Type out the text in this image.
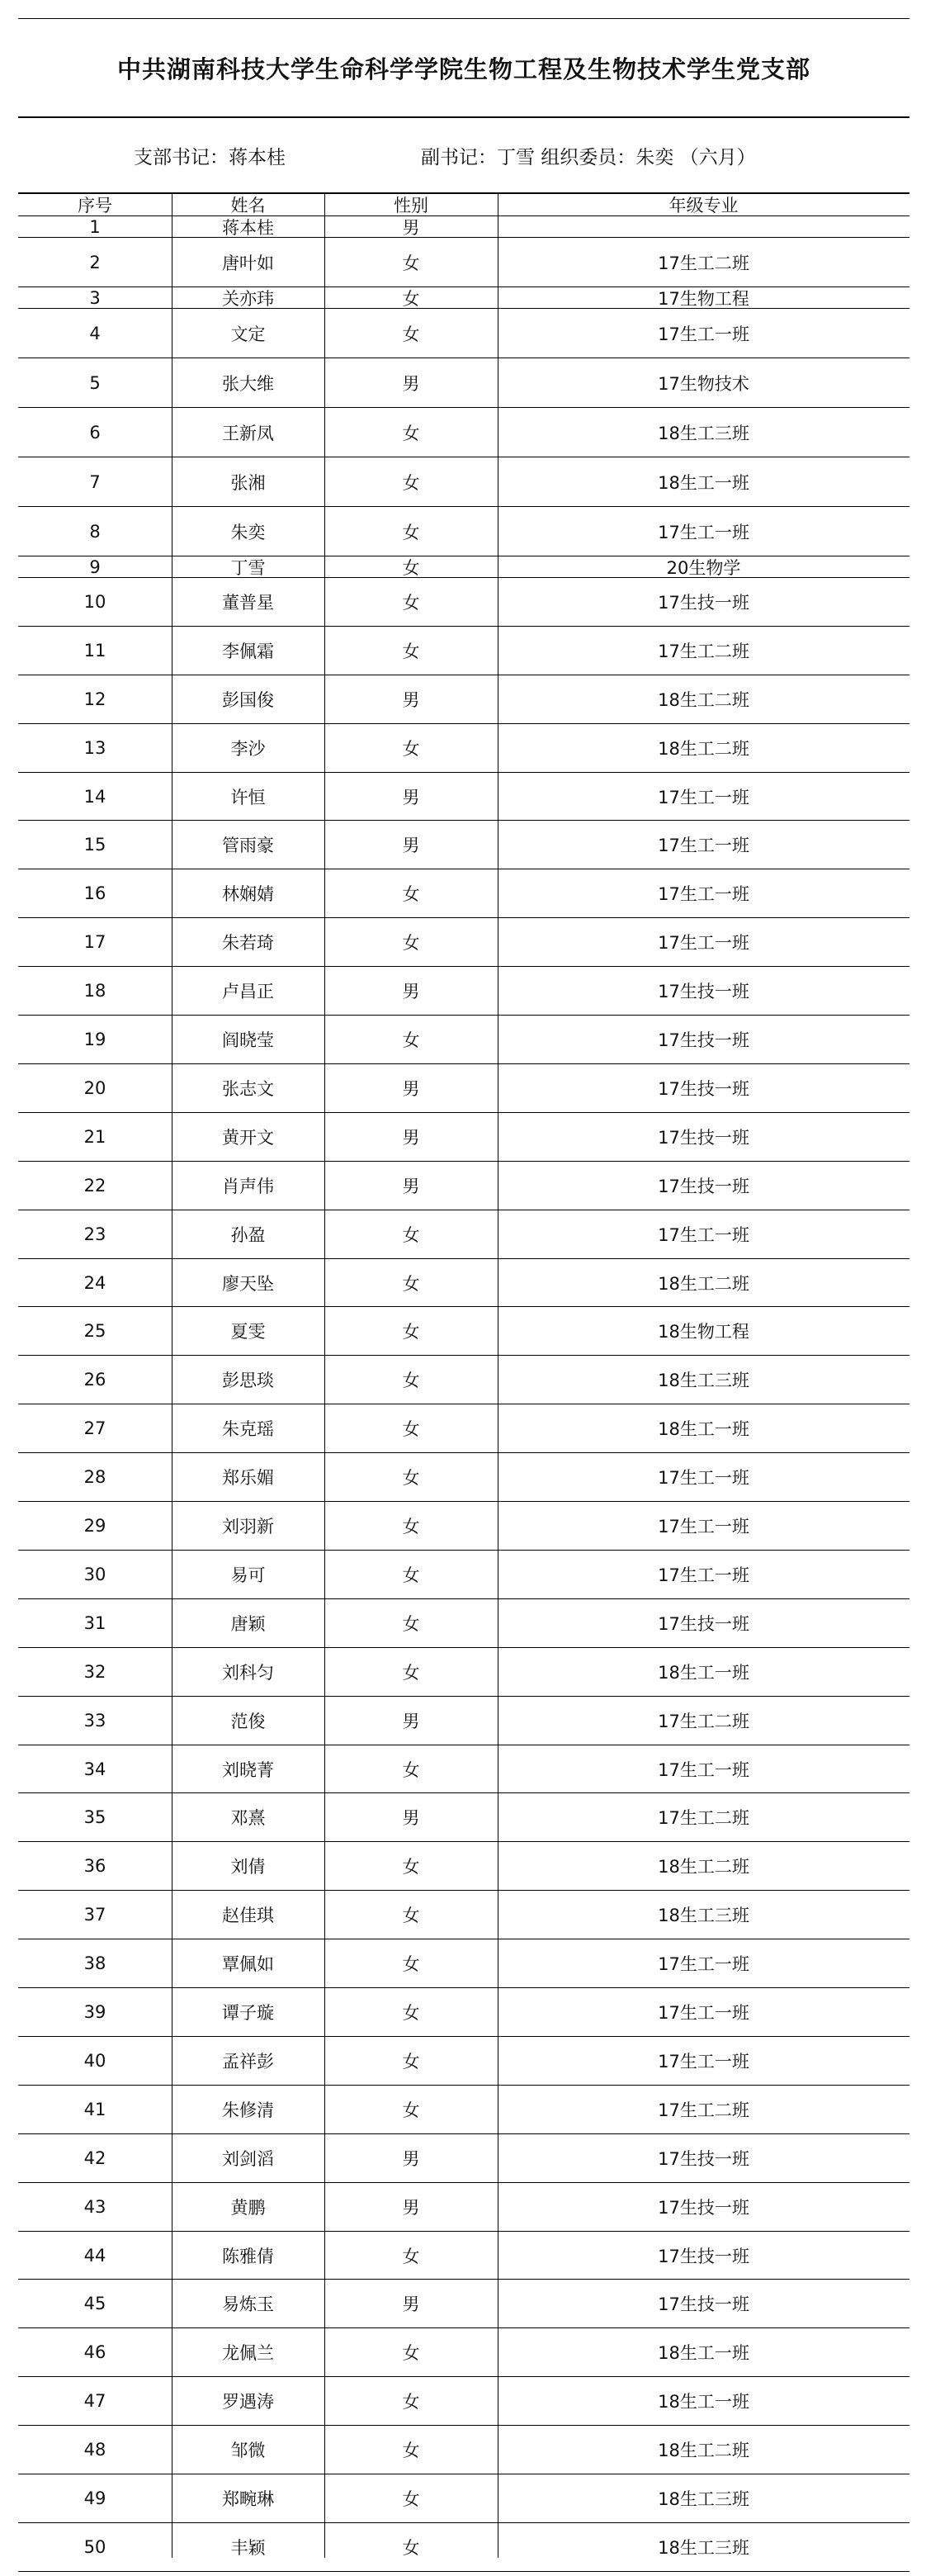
中共湖南科技大学生命科学学院生物工程及生物技术学生党支部
支部书记：蒋本桂	副书记：丁雪 组织委员：朱奕 （六月）
序号	姓名	性别	年级专业
1	蒋本桂	男
2	唐叶如	女	17生工二班
3	关亦玮	女	17生物工程
4	文定	女	17生工一班
5	张大维	男	17生物技术
6	王新凤	女	18生工三班
7	张湘	女	18生工一班
8	朱奕	女	17生工一班
9	丁雪	女	20生物学
10	董普星	女	17生技一班
11	李佩霜	女	17生工二班
12	彭国俊	男	18生工二班
13	李沙	女	18生工二班
14	许恒	男	17生工一班
15	管雨豪	男	17生工一班
16	林娴婧	女	17生工一班
17	朱若琦	女	17生工一班
18	卢昌正	男	17生技一班
19	阎晓莹	女	17生技一班
20	张志文	男	17生技一班
21	黄开文	男	17生技一班
22	肖声伟	男	17生技一班
23	孙盈	女	17生工一班
24	廖天坠	女	18生工二班
25	夏雯	女	18生物工程
26	彭思琰	女	18生工三班
27	朱克瑶	女	18生工一班
28	郑乐媚	女	17生工一班
29	刘羽新	女	17生工一班
30	易可	女	17生工一班
31	唐颖	女	17生技一班
32	刘科匀	女	18生工一班
33	范俊	男	17生工二班
34	刘晓菁	女	17生工一班
35	邓熹	男	17生工二班
36	刘倩	女	18生工二班
37	赵佳琪	女	18生工三班
38	覃佩如	女	17生工一班
39	谭子璇	女	17生工一班
40	孟祥彭	女	17生工一班
41	朱修清	女	17生工二班
42	刘剑滔	男	17生技一班
43	黄鹏	男	17生技一班
44	陈雅倩	女	17生技一班
45	易炼玉	男	17生技一班
46	龙佩兰	女	18生工一班
47	罗遇涛	女	18生工一班
48	邹微	女	18生工二班
49	郑畹琳	女	18生工三班
50	丰颖	女	18生工三班
